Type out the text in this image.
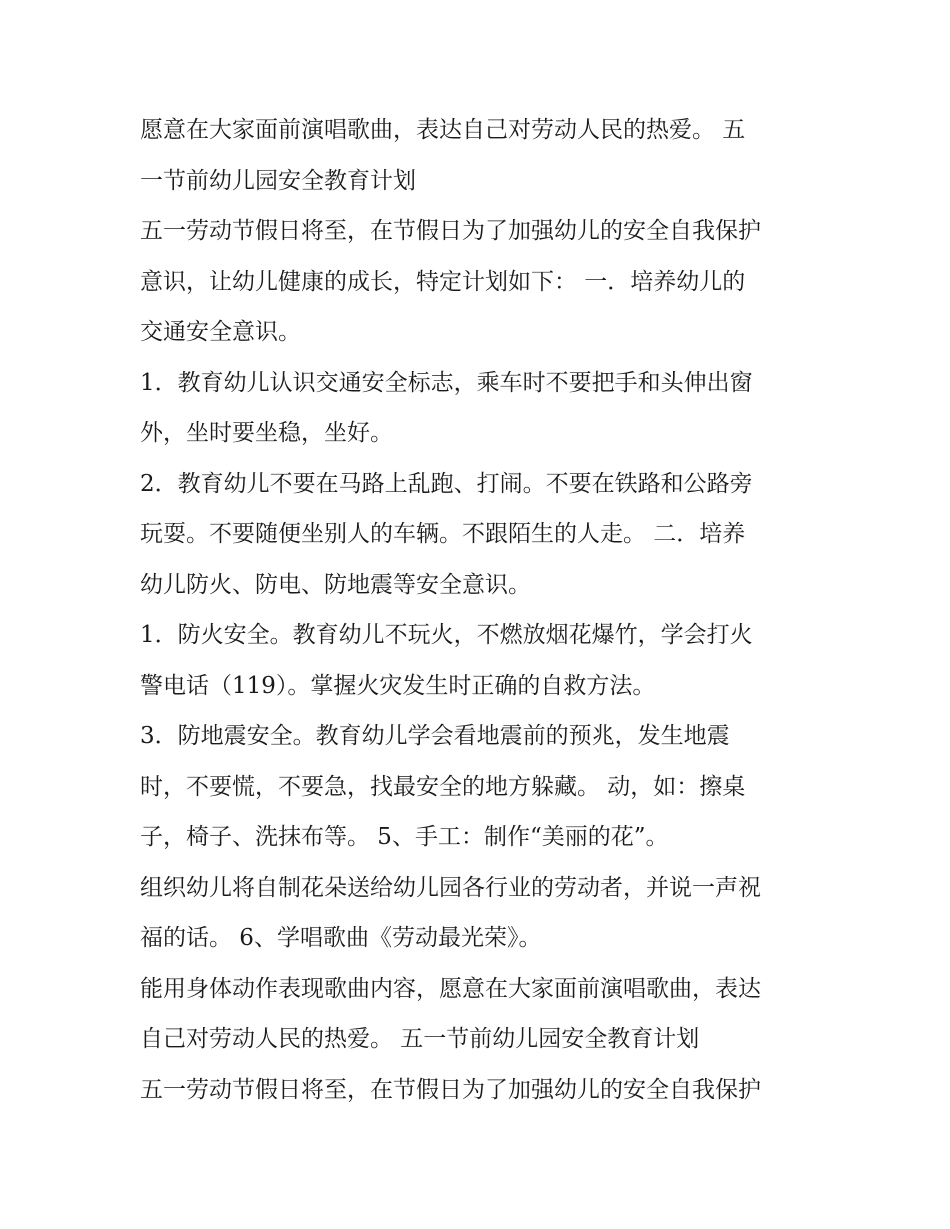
愿意在大家面前演唱歌曲，表达自己对劳动人民的热爱。 五
一节前幼儿园安全教育计划
五一劳动节假日将至，在节假日为了加强幼儿的安全自我保护
意识，让幼儿健康的成长，特定计划如下： 一．培养幼儿的
交通安全意识。
1．教育幼儿认识交通安全标志，乘车时不要把手和头伸出窗
外，坐时要坐稳，坐好。
2．教育幼儿不要在马路上乱跑、打闹。不要在铁路和公路旁
玩耍。不要随便坐别人的车辆。不跟陌生的人走。 二．培养
幼儿防火、防电、防地震等安全意识。
1．防火安全。教育幼儿不玩火，不燃放烟花爆竹，学会打火
警电话（119）。掌握火灾发生时正确的自救方法。
3．防地震安全。教育幼儿学会看地震前的预兆，发生地震
时，不要慌，不要急，找最安全的地方躲藏。 动，如：擦桌
子，椅子、洗抹布等。 5、手工：制作“美丽的花”。
组织幼儿将自制花朵送给幼儿园各行业的劳动者，并说一声祝
福的话。 6、学唱歌曲《劳动最光荣》。
能用身体动作表现歌曲内容，愿意在大家面前演唱歌曲，表达
自己对劳动人民的热爱。 五一节前幼儿园安全教育计划
五一劳动节假日将至，在节假日为了加强幼儿的安全自我保护
